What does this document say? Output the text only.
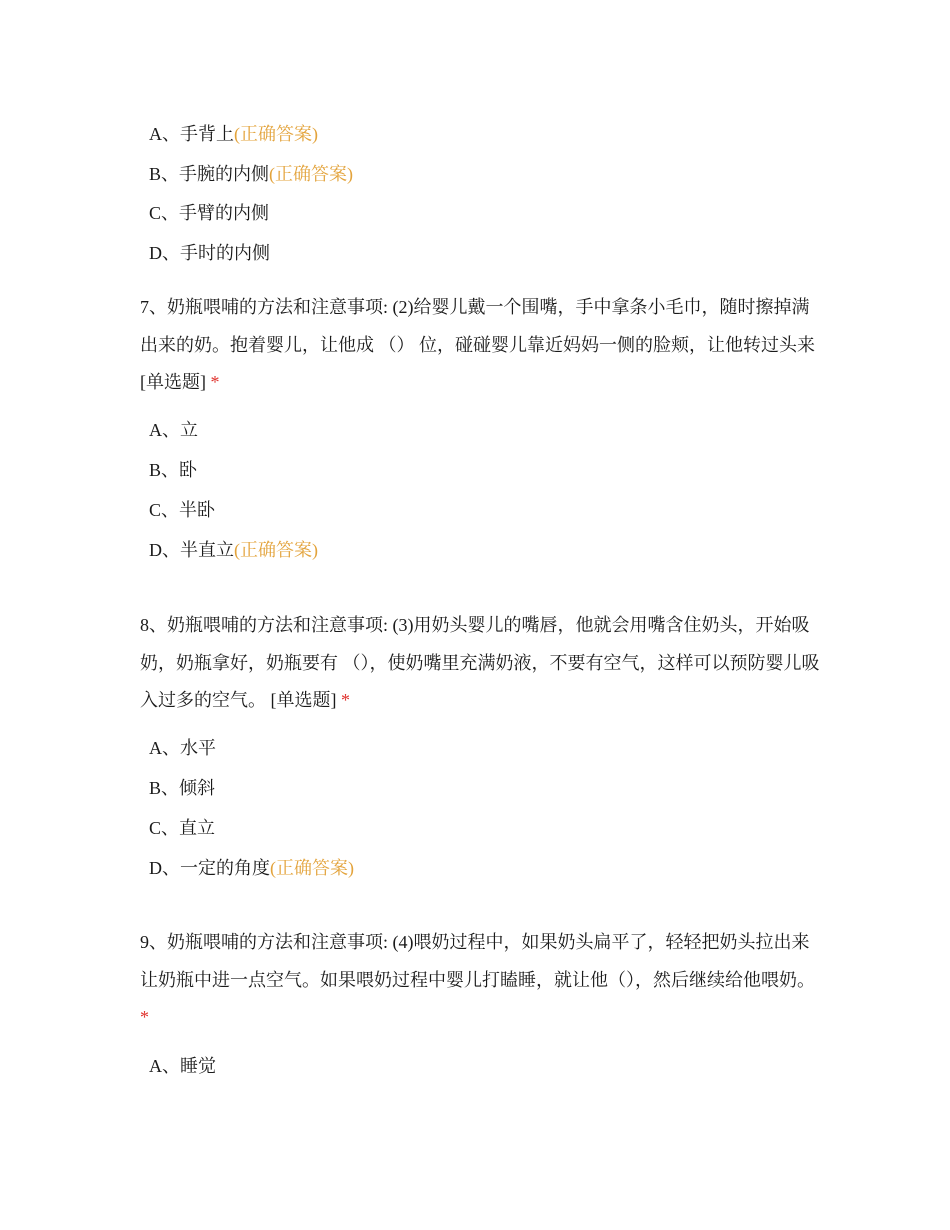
A、手背上(正确答案)
B、手腕的内侧(正确答案)
C、手臂的内侧
D、手时的内侧
7、奶瓶喂哺的方法和注意事项: (2)给婴儿戴一个围嘴，手中拿条小毛巾，随时擦掉满出来的奶。抱着婴儿，让他成 （） 位，碰碰婴儿靠近妈妈一侧的脸颊，让他转过头来 [单选题] *
A、立
B、卧
C、半卧
D、半直立(正确答案)
8、奶瓶喂哺的方法和注意事项: (3)用奶头婴儿的嘴唇，他就会用嘴含住奶头，开始吸奶，奶瓶拿好，奶瓶要有 （），使奶嘴里充满奶液，不要有空气，这样可以预防婴儿吸入过多的空气。 [单选题] *
A、水平
B、倾斜
C、直立
D、一定的角度(正确答案)
9、奶瓶喂哺的方法和注意事项: (4)喂奶过程中，如果奶头扁平了，轻轻把奶头拉出来让奶瓶中进一点空气。如果喂奶过程中婴儿打瞌睡，就让他（），然后继续给他喂奶。 *
A、睡觉
